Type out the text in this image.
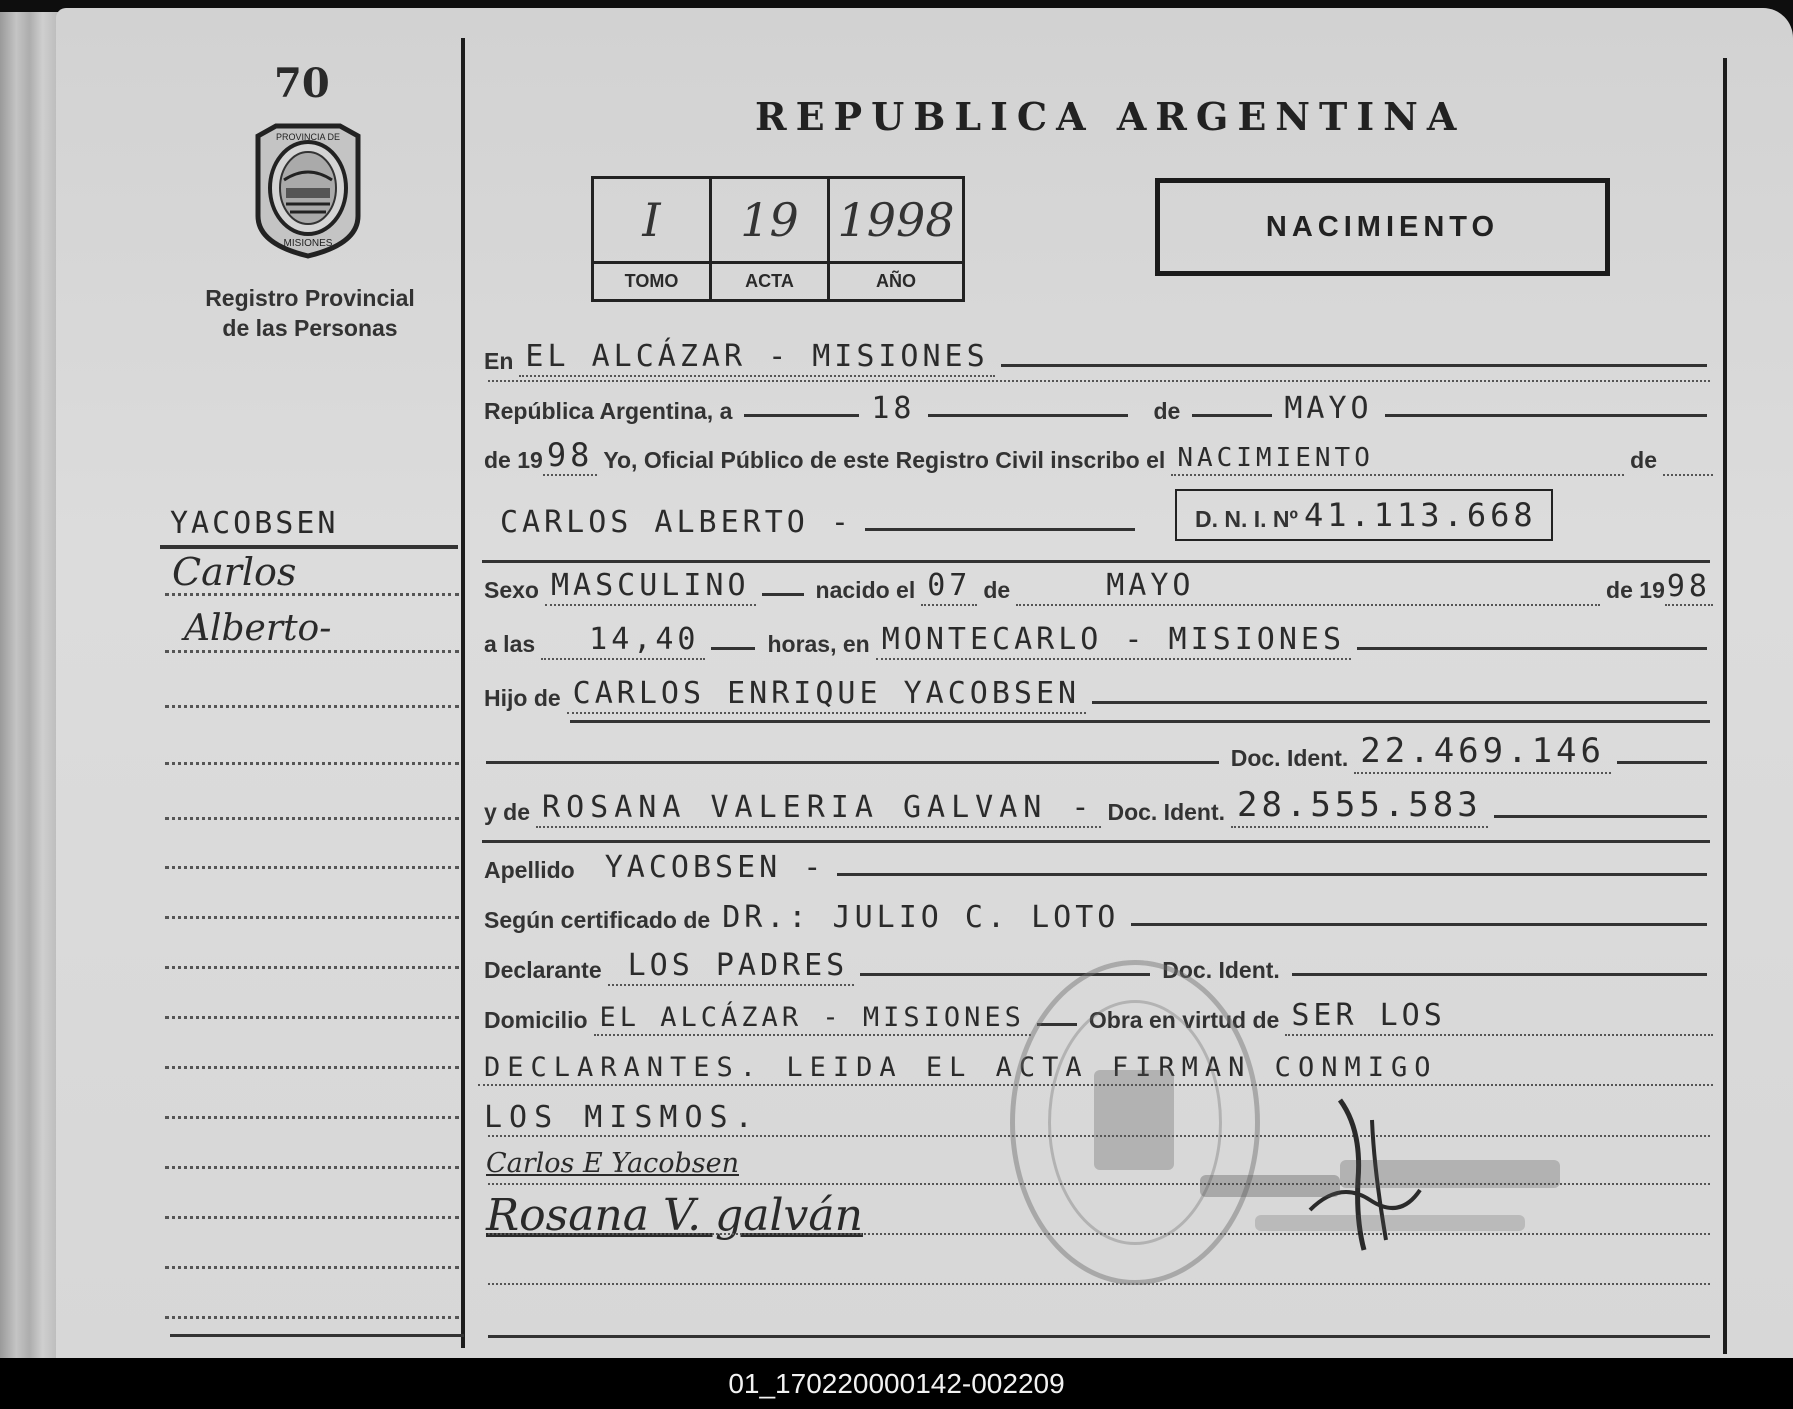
70
PROVINCIA DE
MISIONES
Registro Provincial
de las Personas
YACOBSEN
Carlos
Alberto-
REPUBLICA ARGENTINA
I	19	1998
TOMO	ACTA	AÑO
NACIMIENTO
En EL ALCÁZAR - MISIONES
República Argentina, a	18	de	MAYO
de 19 98 Yo, Oficial Público de este Registro Civil inscribo el NACIMIENTO	de
CARLOS ALBERTO -	D. N. I. Nº 41.113.668
Sexo MASCULINO	nacido el 07 de	MAYO	de 19 98
a las	14,40	horas, en MONTECARLO - MISIONES
Hijo de CARLOS ENRIQUE YACOBSEN
Doc. Ident. 22.469.146
y de ROSANA VALERIA GALVAN - Doc. Ident. 28.555.583
Apellido	YACOBSEN -
Según certificado de DR.: JULIO C. LOTO
Declarante LOS PADRES	Doc. Ident.
Domicilio EL ALCÁZAR - MISIONES	Obra en virtud de SER LOS
DECLARANTES. LEIDA EL ACTA FIRMAN CONMIGO
LOS MISMOS.
Carlos E Yacobsen
Rosana V. galván
01_170220000142-002209
